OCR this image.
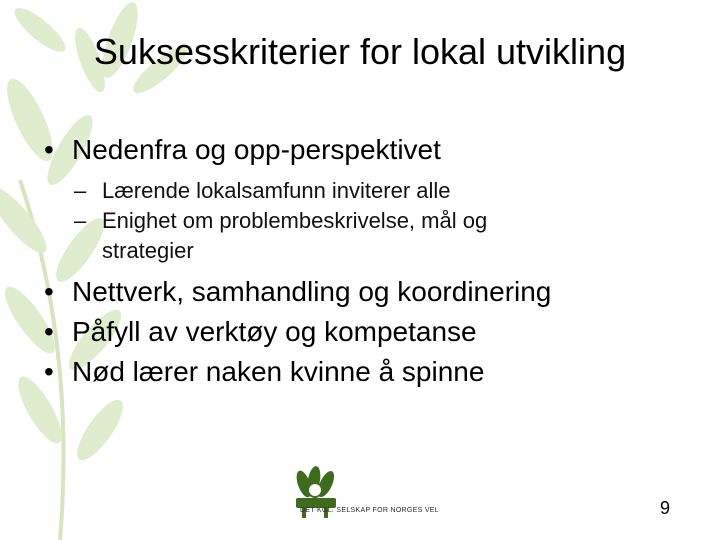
Suksesskriterier for lokal utvikling
• Nedenfra og opp-perspektivet
– Lærende lokalsamfunn inviterer alle
– Enighet om problembeskrivelse, mål og
strategier
• Nettverk, samhandling og koordinering
• Påfyll av verktøy og kompetanse
• Nød lærer naken kvinne å spinne
DET KGL. SELSKAP FOR NORGES VEL	9
